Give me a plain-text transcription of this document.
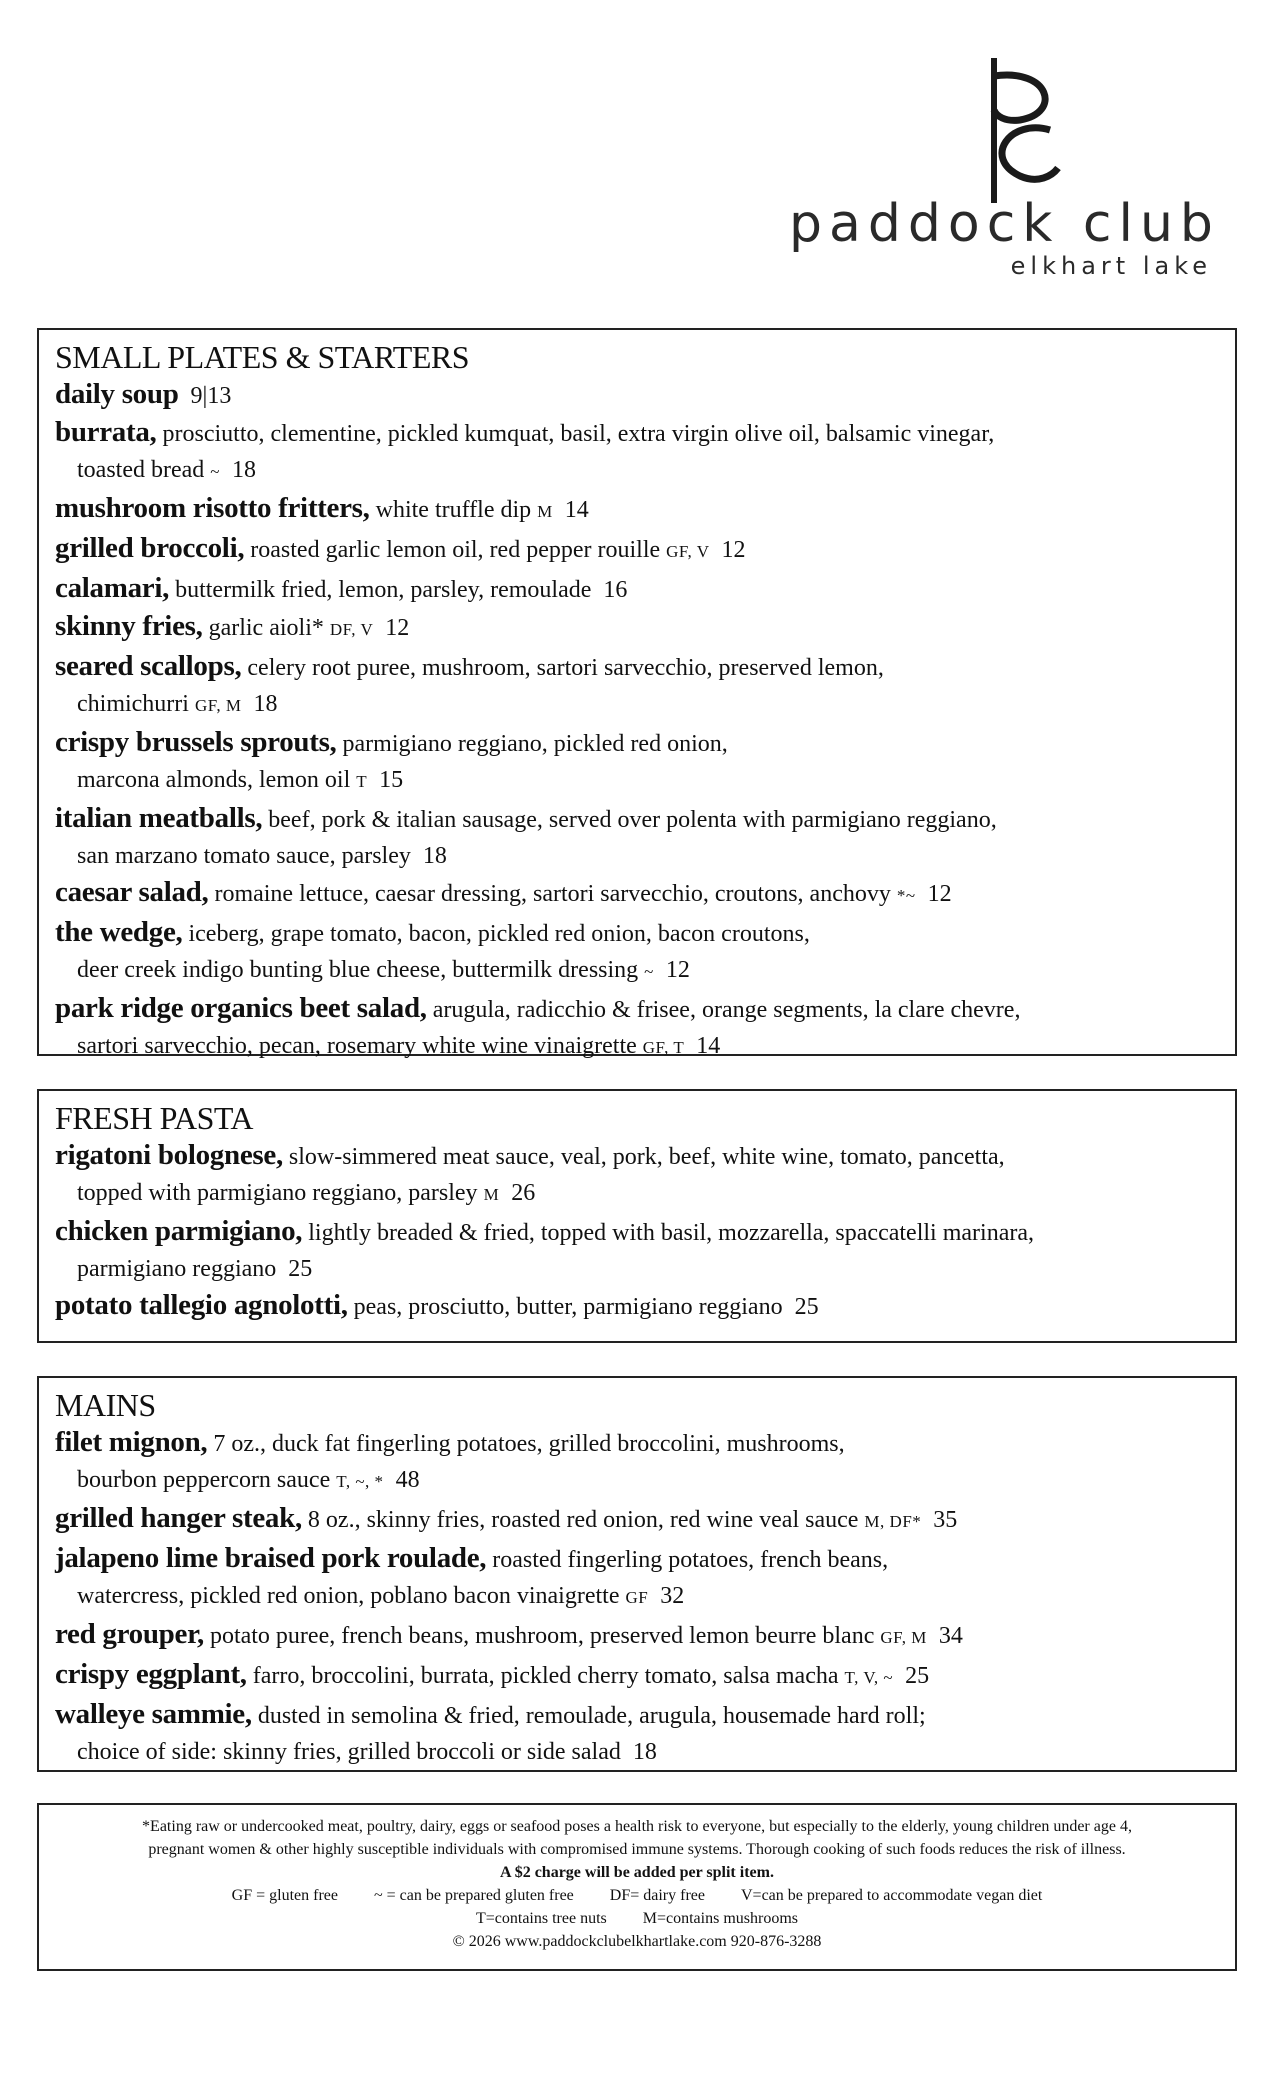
paddock club
elkhart lake
SMALL PLATES & STARTERS
daily soup 9|13
burrata, prosciutto, clementine, pickled kumquat, basil, extra virgin olive oil, balsamic vinegar,
toasted bread ~ 18
mushroom risotto fritters, white truffle dip M 14
grilled broccoli, roasted garlic lemon oil, red pepper rouille GF, V 12
calamari, buttermilk fried, lemon, parsley, remoulade 16
skinny fries, garlic aioli* DF, V 12
seared scallops, celery root puree, mushroom, sartori sarvecchio, preserved lemon,
chimichurri GF, M 18
crispy brussels sprouts, parmigiano reggiano, pickled red onion,
marcona almonds, lemon oil T 15
italian meatballs, beef, pork & italian sausage, served over polenta with parmigiano reggiano,
san marzano tomato sauce, parsley 18
caesar salad, romaine lettuce, caesar dressing, sartori sarvecchio, croutons, anchovy *~ 12
the wedge, iceberg, grape tomato, bacon, pickled red onion, bacon croutons,
deer creek indigo bunting blue cheese, buttermilk dressing ~ 12
park ridge organics beet salad, arugula, radicchio & frisee, orange segments, la clare chevre,
sartori sarvecchio, pecan, rosemary white wine vinaigrette GF, T 14
FRESH PASTA
rigatoni bolognese, slow-simmered meat sauce, veal, pork, beef, white wine, tomato, pancetta,
topped with parmigiano reggiano, parsley M 26
chicken parmigiano, lightly breaded & fried, topped with basil, mozzarella, spaccatelli marinara,
parmigiano reggiano 25
potato tallegio agnolotti, peas, prosciutto, butter, parmigiano reggiano 25
MAINS
filet mignon, 7 oz., duck fat fingerling potatoes, grilled broccolini, mushrooms,
bourbon peppercorn sauce T, ~, * 48
grilled hanger steak, 8 oz., skinny fries, roasted red onion, red wine veal sauce M, DF* 35
jalapeno lime braised pork roulade, roasted fingerling potatoes, french beans,
watercress, pickled red onion, poblano bacon vinaigrette GF 32
red grouper, potato puree, french beans, mushroom, preserved lemon beurre blanc GF, M 34
crispy eggplant, farro, broccolini, burrata, pickled cherry tomato, salsa macha T, V, ~ 25
walleye sammie, dusted in semolina & fried, remoulade, arugula, housemade hard roll;
choice of side: skinny fries, grilled broccoli or side salad 18
*Eating raw or undercooked meat, poultry, dairy, eggs or seafood poses a health risk to everyone, but especially to the elderly, young children under age 4,
pregnant women & other highly susceptible individuals with compromised immune systems. Thorough cooking of such foods reduces the risk of illness.
A $2 charge will be added per split item.
GF = gluten free ~ = can be prepared gluten free DF= dairy free V=can be prepared to accommodate vegan diet
T=contains tree nuts M=contains mushrooms
© 2026 www.paddockclubelkhartlake.com 920-876-3288
